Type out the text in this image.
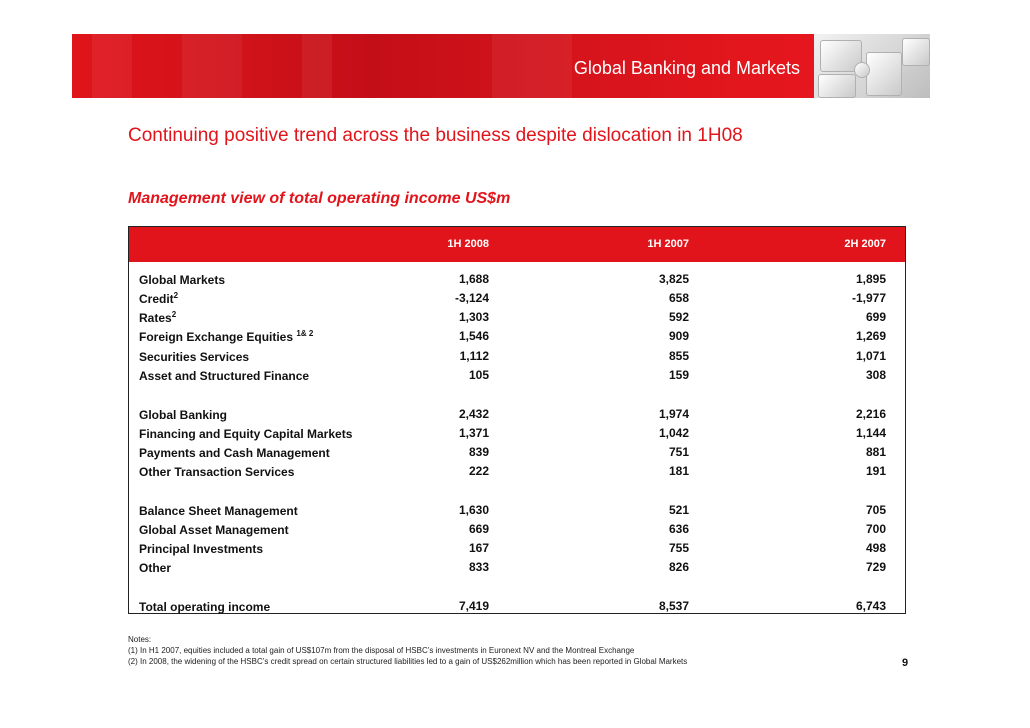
Global Banking and Markets
Continuing positive trend across the business despite dislocation in 1H08
Management view of total operating income US$m
1H 2008	1H 2007	2H 2007
Global Markets	1,688	3,825	1,895
Credit$^2$	-3,124	658	-1,977
Rates$^2$	1,303	592	699
Foreign Exchange Equities $^{1\& 2}$	1,546	909	1,269
Securities Services	1,112	855	1,071
Asset and Structured Finance	105	159	308
Global Banking	2,432	1,974	2,216
Financing and Equity Capital Markets	1,371	1,042	1,144
Payments and Cash Management	839	751	881
Other Transaction Services	222	181	191
Balance Sheet Management	1,630	521	705
Global Asset Management	669	636	700
Principal Investments	167	755	498
Other	833	826	729
Total operating income	7,419	8,537	6,743
Notes:
(1) In H1 2007, equities included a total gain of US$107m from the disposal of HSBC’s investments in Euronext NV and the Montreal Exchange
(2) In 2008, the widening of the HSBC’s credit spread on certain structured liabilities led to a gain of US$262million which has been reported in Global Markets	9
